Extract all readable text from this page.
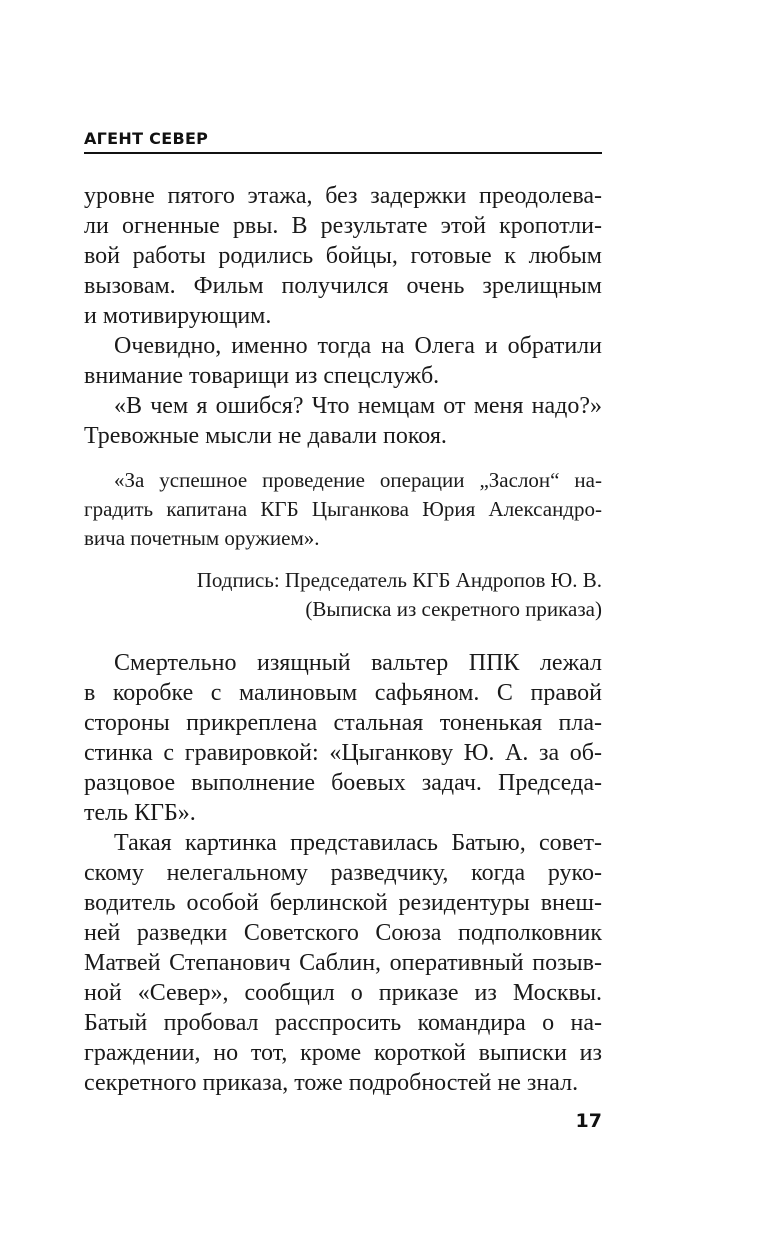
АГЕНТ СЕВЕР
уровне пятого этажа, без задержки преодолева-
ли огненные рвы. В результате этой кропотли-
вой работы родились бойцы, готовые к любым
вызовам. Фильм получился очень зрелищным
и мотивирующим.
Очевидно, именно тогда на Олега и обратили
внимание товарищи из спецслужб.
«В чем я ошибся? Что немцам от меня надо?»
Тревожные мысли не давали покоя.
«За успешное проведение операции „Заслон“ на-
градить капитана КГБ Цыганкова Юрия Александро-
вича почетным оружием».
Подпись: Председатель КГБ Андропов Ю. В.
(Выписка из секретного приказа)
Смертельно изящный вальтер ППК лежал
в коробке с малиновым сафьяном. С правой
стороны прикреплена стальная тоненькая пла-
стинка с гравировкой: «Цыганкову Ю. А. за об-
разцовое выполнение боевых задач. Председа-
тель КГБ».
Такая картинка представилась Батыю, совет-
скому нелегальному разведчику, когда руко-
водитель особой берлинской резидентуры внеш-
ней разведки Советского Союза подполковник
Матвей Степанович Саблин, оперативный позыв-
ной «Север», сообщил о приказе из Москвы.
Батый пробовал расспросить командира о на-
граждении, но тот, кроме короткой выписки из
секретного приказа, тоже подробностей не знал.
17
